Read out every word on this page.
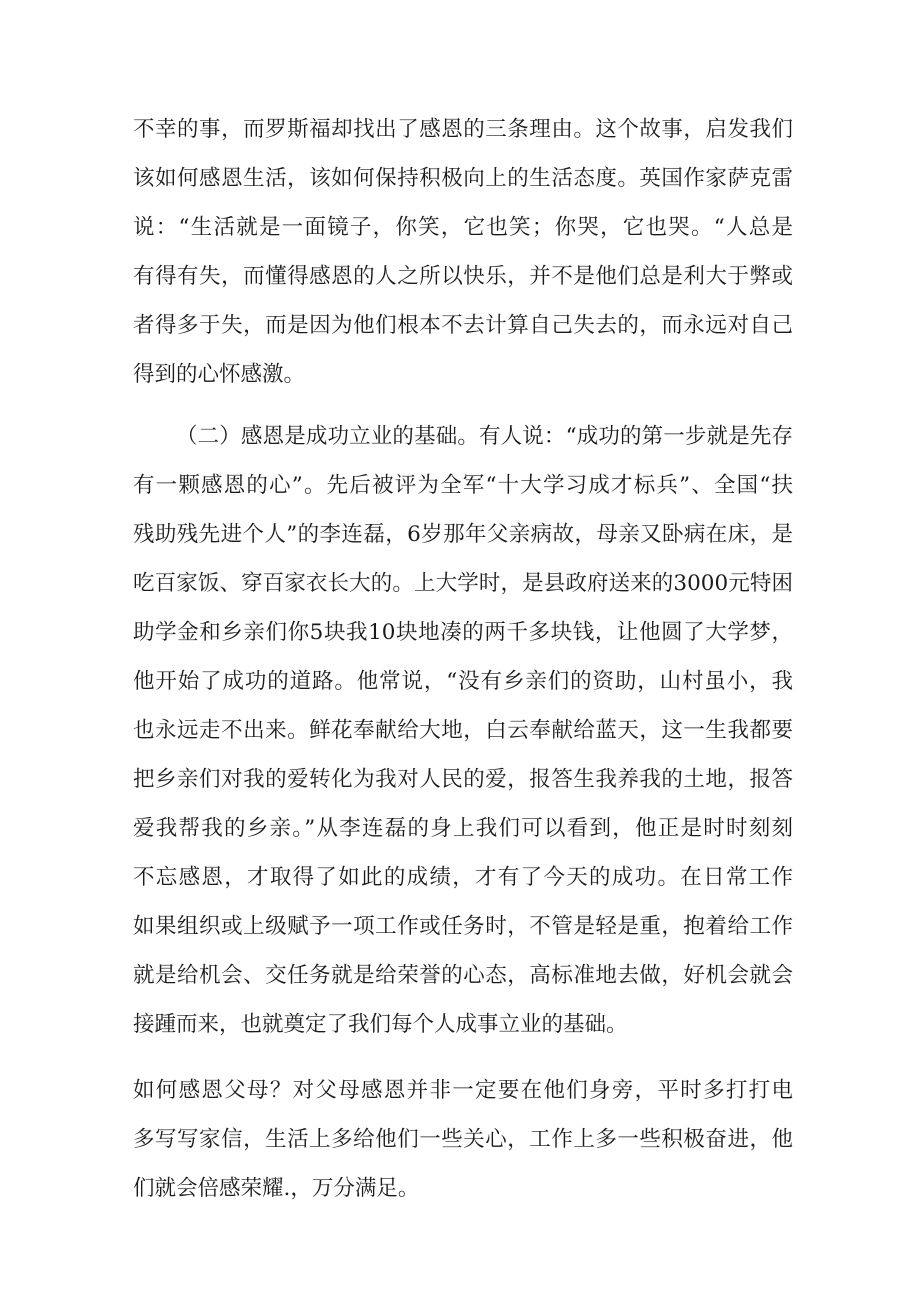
不幸的事，而罗斯福却找出了感恩的三条理由。这个故事，启发我们
该如何感恩生活，该如何保持积极向上的生活态度。英国作家萨克雷
说：“生活就是一面镜子，你笑，它也笑；你哭，它也哭。“人总是
有得有失，而懂得感恩的人之所以快乐，并不是他们总是利大于弊或
者得多于失，而是因为他们根本不去计算自己失去的，而永远对自己
得到的心怀感激。
（二）感恩是成功立业的基础。有人说：“成功的第一步就是先存
有一颗感恩的心”。先后被评为全军“十大学习成才标兵”、全国“扶
残助残先进个人”的李连磊，6岁那年父亲病故，母亲又卧病在床，是
吃百家饭、穿百家衣长大的。上大学时，是县政府送来的3000元特困
助学金和乡亲们你5块我10块地凑的两千多块钱，让他圆了大学梦，
他开始了成功的道路。他常说，“没有乡亲们的资助，山村虽小，我
也永远走不出来。鲜花奉献给大地，白云奉献给蓝天，这一生我都要
把乡亲们对我的爱转化为我对人民的爱，报答生我养我的土地，报答
爱我帮我的乡亲。”从李连磊的身上我们可以看到，他正是时时刻刻
不忘感恩，才取得了如此的成绩，才有了今天的成功。在日常工作
如果组织或上级赋予一项工作或任务时，不管是轻是重，抱着给工作
就是给机会、交任务就是给荣誉的心态，高标准地去做，好机会就会
接踵而来，也就奠定了我们每个人成事立业的基础。
如何感恩父母？对父母感恩并非一定要在他们身旁，平时多打打电
多写写家信，生活上多给他们一些关心，工作上多一些积极奋进，他
们就会倍感荣耀.，万分满足。
